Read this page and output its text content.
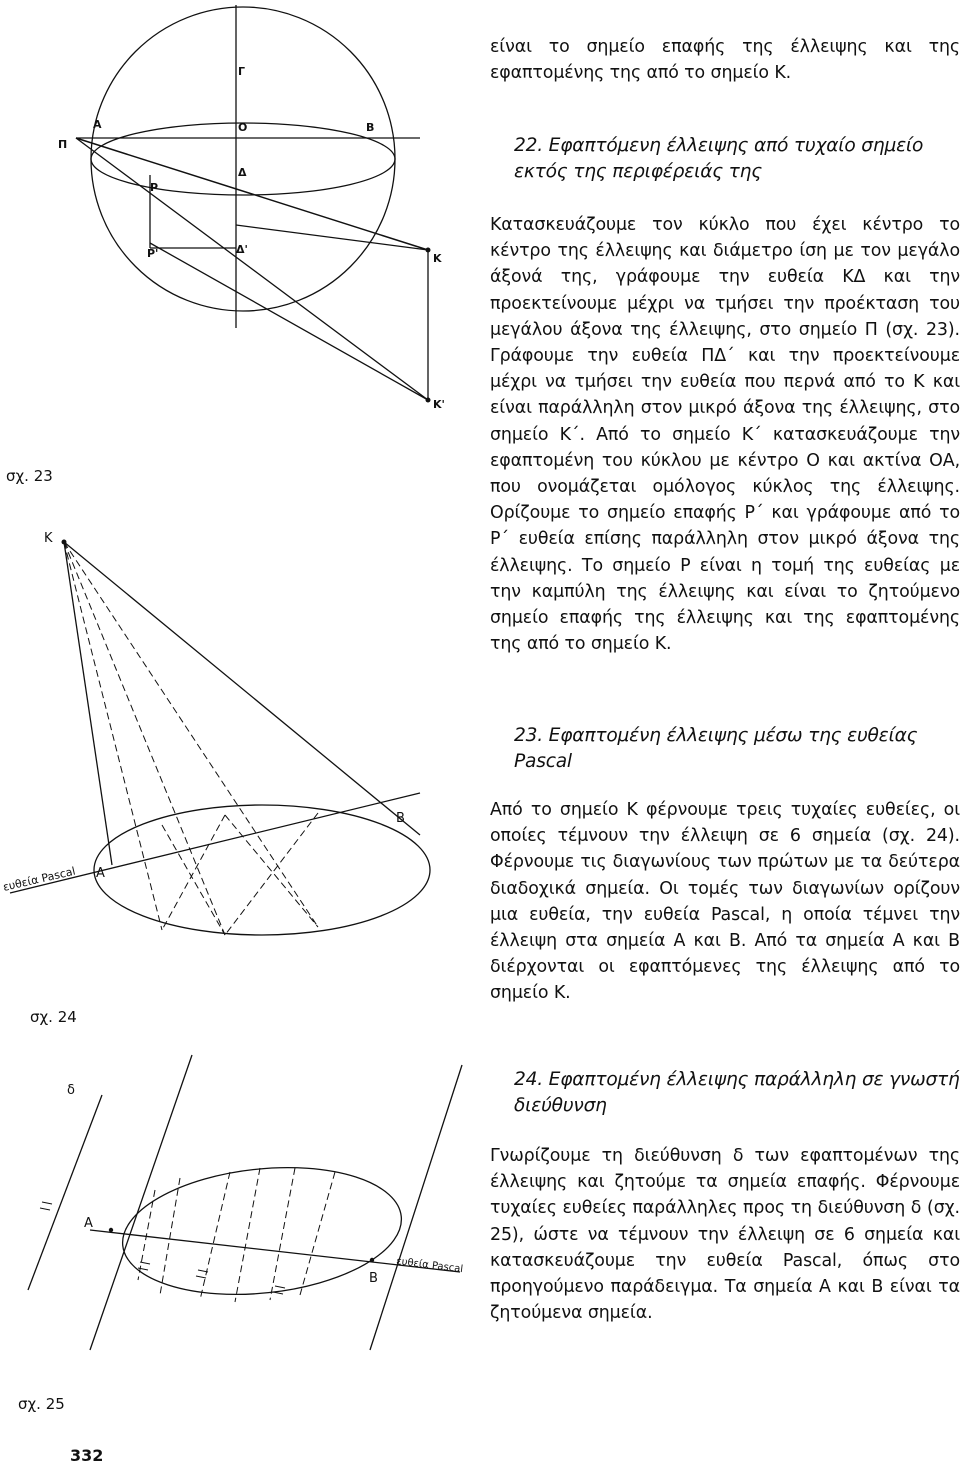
Γ
Α	Ο	Β
Π
Ρ
Δ
Ρ'	Δ'
Κ
Κ'
σχ. 23
Κ
Α
Β
ευθεία Pascal
σχ. 24
δ
Α
Β
ευθεία Pascal
σχ. 25

είναι το σημείο επαφής της έλλειψης και της εφαπτομένης της από το σημείο Κ.

22. Εφαπτόμενη έλλειψης από τυχαίο σημείο εκτός της περιφέρειάς της

Κατασκευάζουμε τον κύκλο που έχει κέντρο το κέντρο της έλλειψης και διάμετρο ίση με τον μεγάλο άξονά της, γράφουμε την ευθεία ΚΔ και την προεκτείνουμε μέχρι να τμήσει την προέκταση του μεγάλου άξονα της έλλειψης, στο σημείο Π (σχ. 23). Γράφουμε την ευθεία ΠΔ΄ και την προεκτείνουμε μέχρι να τμήσει την ευθεία που περνά από το Κ και είναι παράλληλη στον μικρό άξονα της έλλειψης, στο σημείο Κ΄. Από το σημείο Κ΄ κατασκευάζουμε την εφαπτομένη του κύκλου με κέντρο Ο και ακτίνα ΟΑ, που ονομάζεται ομόλογος κύκλος της έλλειψης. Ορίζουμε το σημείο επαφής Ρ΄ και γράφουμε από το Ρ΄ ευθεία επίσης παράλληλη στον μικρό άξονα της έλλειψης. Το σημείο Ρ είναι η τομή της ευθείας με την καμπύλη της έλλειψης και είναι το ζητούμενο σημείο επαφής της έλλειψης και της εφαπτομένης της από το σημείο Κ.

23. Εφαπτομένη έλλειψης μέσω της ευθείας Pascal

Από το σημείο Κ φέρνουμε τρεις τυχαίες ευθείες, οι οποίες τέμνουν την έλλειψη σε 6 σημεία (σχ. 24). Φέρνουμε τις διαγωνίους των πρώτων με τα δεύτερα διαδοχικά σημεία. Οι τομές των διαγωνίων ορίζουν μια ευθεία, την ευθεία Pascal, η οποία τέμνει την έλλειψη στα σημεία Α και Β. Από τα σημεία Α και Β διέρχονται οι εφαπτόμενες της έλλειψης από το σημείο Κ.

24. Εφαπτομένη έλλειψης παράλληλη σε γνωστή διεύθυνση

Γνωρίζουμε τη διεύθυνση δ των εφαπτομένων της έλλειψης και ζητούμε τα σημεία επαφής. Φέρνουμε τυχαίες ευθείες παράλληλες προς τη διεύθυνση δ (σχ. 25), ώστε να τέμνουν την έλλειψη σε 6 σημεία και κατασκευάζουμε την ευθεία Pascal, όπως στο προηγούμενο παράδειγμα. Τα σημεία Α και Β είναι τα ζητούμενα σημεία.

332
